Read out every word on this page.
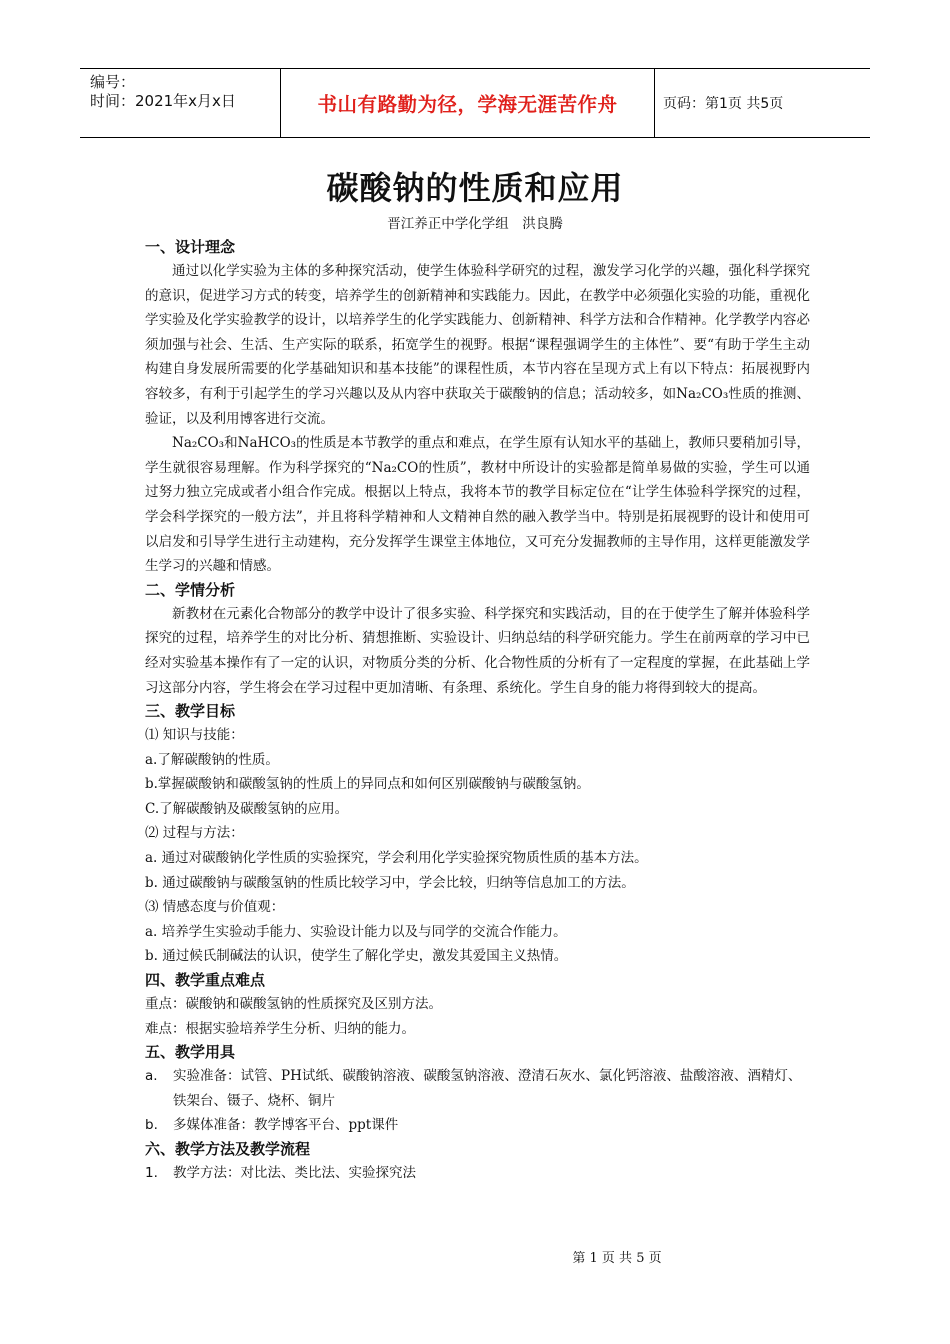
编号：
时间：2021年x月x日	书山有路勤为径，学海无涯苦作舟	页码：第1页 共5页
碳酸钠的性质和应用
晋江养正中学化学组　洪良腾

一、设计理念

通过以化学实验为主体的多种探究活动，使学生体验科学研究的过程，激发学习化学的兴趣，强化科学探究的意识，促进学习方式的转变，培养学生的创新精神和实践能力。因此，在教学中必须强化实验的功能，重视化学实验及化学实验教学的设计，以培养学生的化学实践能力、创新精神、科学方法和合作精神。化学教学内容必须加强与社会、生活、生产实际的联系，拓宽学生的视野。根据“课程强调学生的主体性”、要“有助于学生主动构建自身发展所需要的化学基础知识和基本技能”的课程性质，本节内容在呈现方式上有以下特点：拓展视野内容较多，有利于引起学生的学习兴趣以及从内容中获取关于碳酸钠的信息；活动较多，如Na₂CO₃性质的推测、验证，以及利用博客进行交流。

Na₂CO₃和NaHCO₃的性质是本节教学的重点和难点，在学生原有认知水平的基础上，教师只要稍加引导，学生就很容易理解。作为科学探究的“Na₂CO的性质”，教材中所设计的实验都是简单易做的实验，学生可以通过努力独立完成或者小组合作完成。根据以上特点，我将本节的教学目标定位在“让学生体验科学探究的过程，学会科学探究的一般方法”，并且将科学精神和人文精神自然的融入教学当中。特别是拓展视野的设计和使用可以启发和引导学生进行主动建构，充分发挥学生课堂主体地位，又可充分发掘教师的主导作用，这样更能激发学生学习的兴趣和情感。

二、学情分析

新教材在元素化合物部分的教学中设计了很多实验、科学探究和实践活动，目的在于使学生了解并体验科学探究的过程，培养学生的对比分析、猜想推断、实验设计、归纳总结的科学研究能力。学生在前两章的学习中已经对实验基本操作有了一定的认识，对物质分类的分析、化合物性质的分析有了一定程度的掌握，在此基础上学习这部分内容，学生将会在学习过程中更加清晰、有条理、系统化。学生自身的能力将得到较大的提高。

三、教学目标

⑴ 知识与技能：

a.了解碳酸钠的性质。

b.掌握碳酸钠和碳酸氢钠的性质上的异同点和如何区别碳酸钠与碳酸氢钠。

C.了解碳酸钠及碳酸氢钠的应用。

⑵ 过程与方法：

a. 通过对碳酸钠化学性质的实验探究，学会利用化学实验探究物质性质的基本方法。

b. 通过碳酸钠与碳酸氢钠的性质比较学习中，学会比较，归纳等信息加工的方法。

⑶ 情感态度与价值观：

a. 培养学生实验动手能力、实验设计能力以及与同学的交流合作能力。

b. 通过候氏制碱法的认识，使学生了解化学史，激发其爱国主义热情。

四、教学重点难点

重点：碳酸钠和碳酸氢钠的性质探究及区别方法。

难点：根据实验培养学生分析、归纳的能力。

五、教学用具

a.	实验准备：试管、PH试纸、碳酸钠溶液、碳酸氢钠溶液、澄清石灰水、氯化钙溶液、盐酸溶液、酒精灯、铁架台、镊子、烧杯、铜片
b.	多媒体准备：教学博客平台、ppt课件

六、教学方法及教学流程

1.	教学方法：对比法、类比法、实验探究法
第 1 页 共 5 页
